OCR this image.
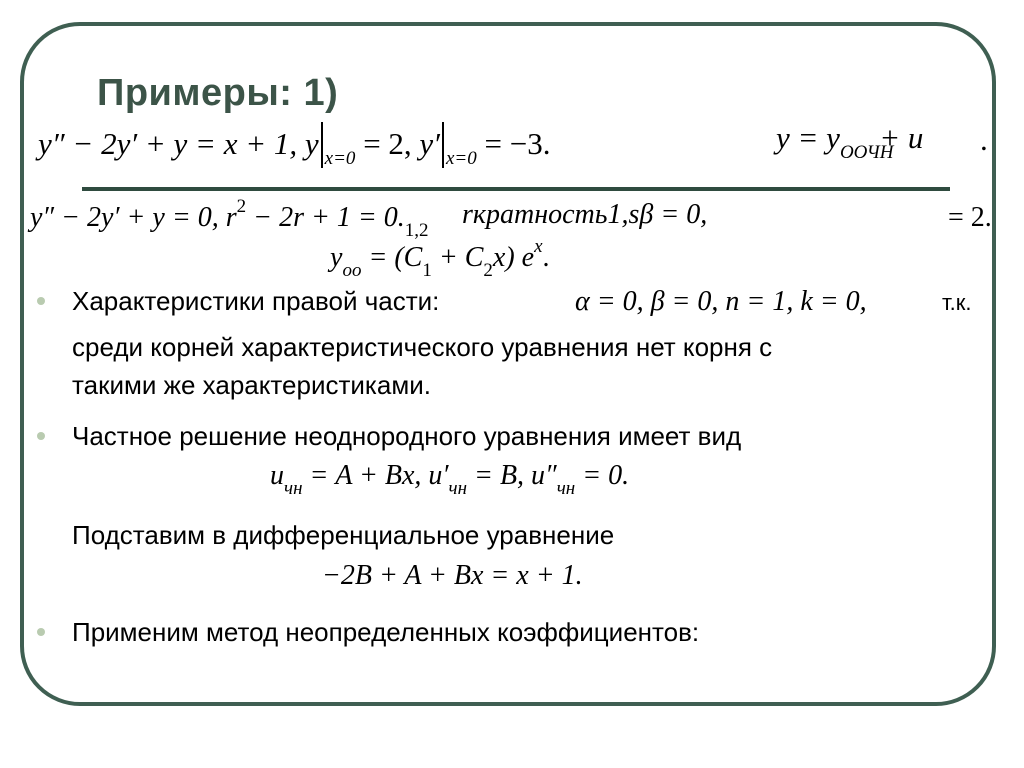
Примеры: 1)
y″ − 2y′ + y = x + 1, y $_{x=0}$ = 2, y′ $_{x=0}$ = −3.	$y = y_{ООЧН} + u$ .
y″ − 2y′ + y = 0, $r^2 - 2r + 1 = 0._{1,2}$
rкратность1,sβ = 0,	= 2.
$y_{oo} = (C_1 + C_2x)$ $e^x$.
Характеристики правой части:	α = 0, β = 0, n = 1, k = 0,	т.к.
среди корней характеристического уравнения нет корня с
такими же характеристиками.
Частное решение неоднородного уравнения имеет вид
$u_{чн} = A + Bx$, $u'_{чн} = B$, $u''_{чн} = 0$.
Подставим в дифференциальное уравнение
−2B + A + Bx = x + 1.
Применим метод неопределенных коэффициентов:
